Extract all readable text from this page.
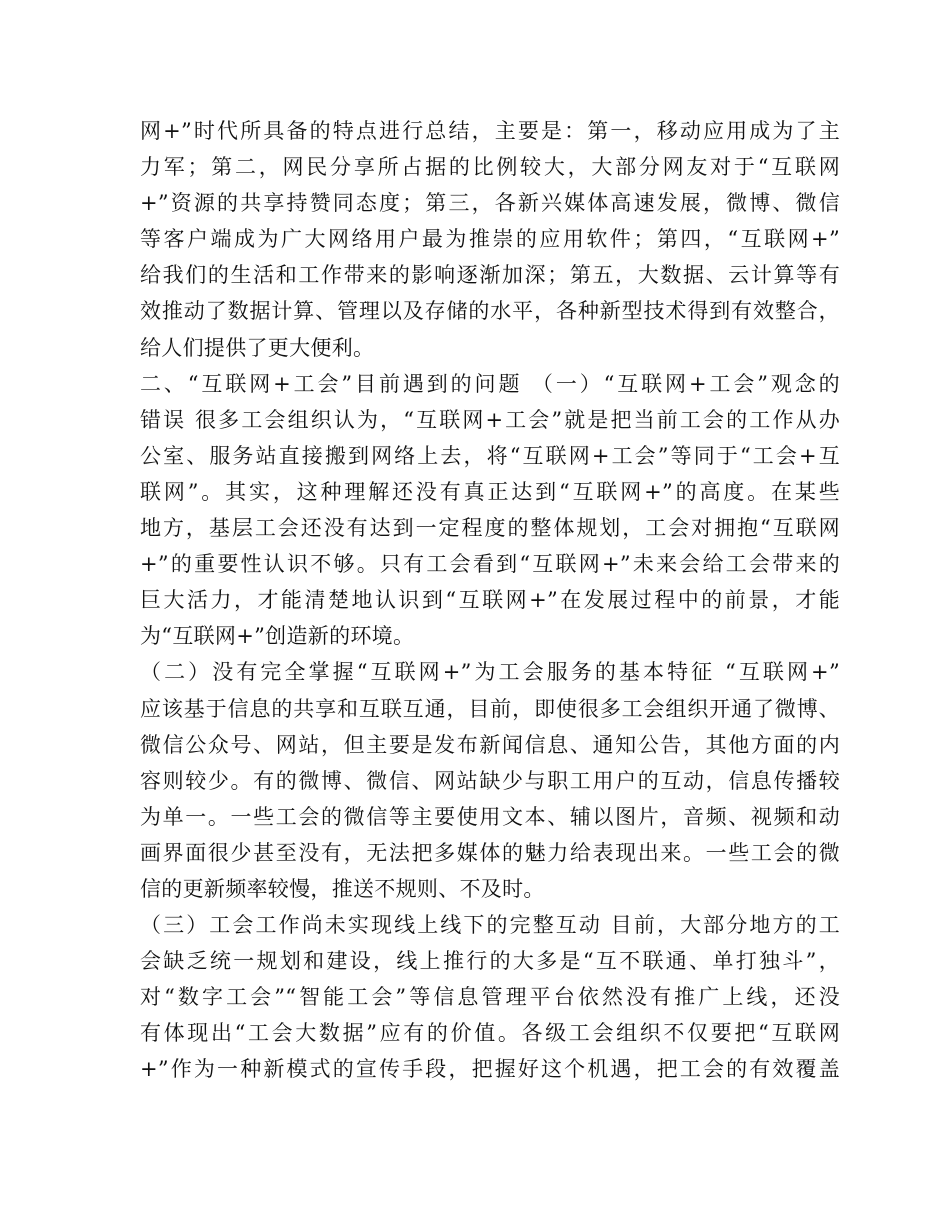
网+”时代所具备的特点进行总结，主要是：第一，移动应用成为了主
力军；第二，网民分享所占据的比例较大，大部分网友对于“互联网
+”资源的共享持赞同态度；第三，各新兴媒体高速发展，微博、微信
等客户端成为广大网络用户最为推崇的应用软件；第四，“互联网+”
给我们的生活和工作带来的影响逐渐加深；第五，大数据、云计算等有
效推动了数据计算、管理以及存储的水平，各种新型技术得到有效整合，
给人们提供了更大便利。
二、“互联网+工会”目前遇到的问题 （一）“互联网+工会”观念的
错误 很多工会组织认为，“互联网+工会”就是把当前工会的工作从办
公室、服务站直接搬到网络上去，将“互联网+工会”等同于“工会+互
联网”。其实，这种理解还没有真正达到“互联网+”的高度。在某些
地方，基层工会还没有达到一定程度的整体规划，工会对拥抱“互联网
+”的重要性认识不够。只有工会看到“互联网+”未来会给工会带来的
巨大活力，才能清楚地认识到“互联网+”在发展过程中的前景，才能
为“互联网+”创造新的环境。
（二）没有完全掌握“互联网+”为工会服务的基本特征 “互联网+”
应该基于信息的共享和互联互通，目前，即使很多工会组织开通了微博、
微信公众号、网站，但主要是发布新闻信息、通知公告，其他方面的内
容则较少。有的微博、微信、网站缺少与职工用户的互动，信息传播较
为单一。一些工会的微信等主要使用文本、辅以图片，音频、视频和动
画界面很少甚至没有，无法把多媒体的魅力给表现出来。一些工会的微
信的更新频率较慢，推送不规则、不及时。
（三）工会工作尚未实现线上线下的完整互动 目前，大部分地方的工
会缺乏统一规划和建设，线上推行的大多是“互不联通、单打独斗”，
对“数字工会”“智能工会”等信息管理平台依然没有推广上线，还没
有体现出“工会大数据”应有的价值。各级工会组织不仅要把“互联网
+”作为一种新模式的宣传手段，把握好这个机遇，把工会的有效覆盖
